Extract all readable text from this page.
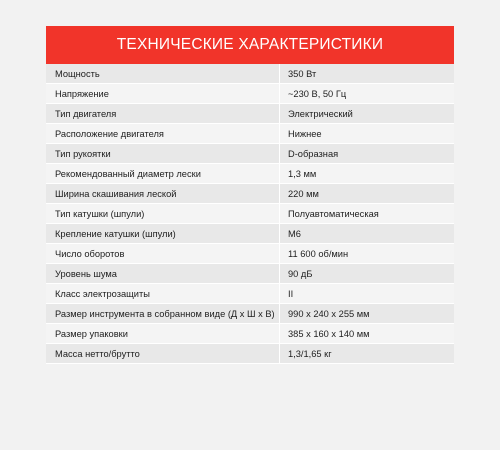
ТЕХНИЧЕСКИЕ ХАРАКТЕРИСТИКИ
Мощность	350 Вт
Напряжение	~230 В, 50 Гц
Тип двигателя	Электрический
Расположение двигателя	Нижнее
Тип рукоятки	D-образная
Рекомендованный диаметр лески	1,3 мм
Ширина скашивания леской	220 мм
Тип катушки (шпули)	Полуавтоматическая
Крепление катушки (шпули)	M6
Число оборотов	11 600 об/мин
Уровень шума	90 дБ
Класс электрозащиты	II
Размер инструмента в собранном виде (Д х Ш х В)	990 х 240 х 255 мм
Размер упаковки	385 х 160 х 140 мм
Масса нетто/брутто	1,3/1,65 кг
